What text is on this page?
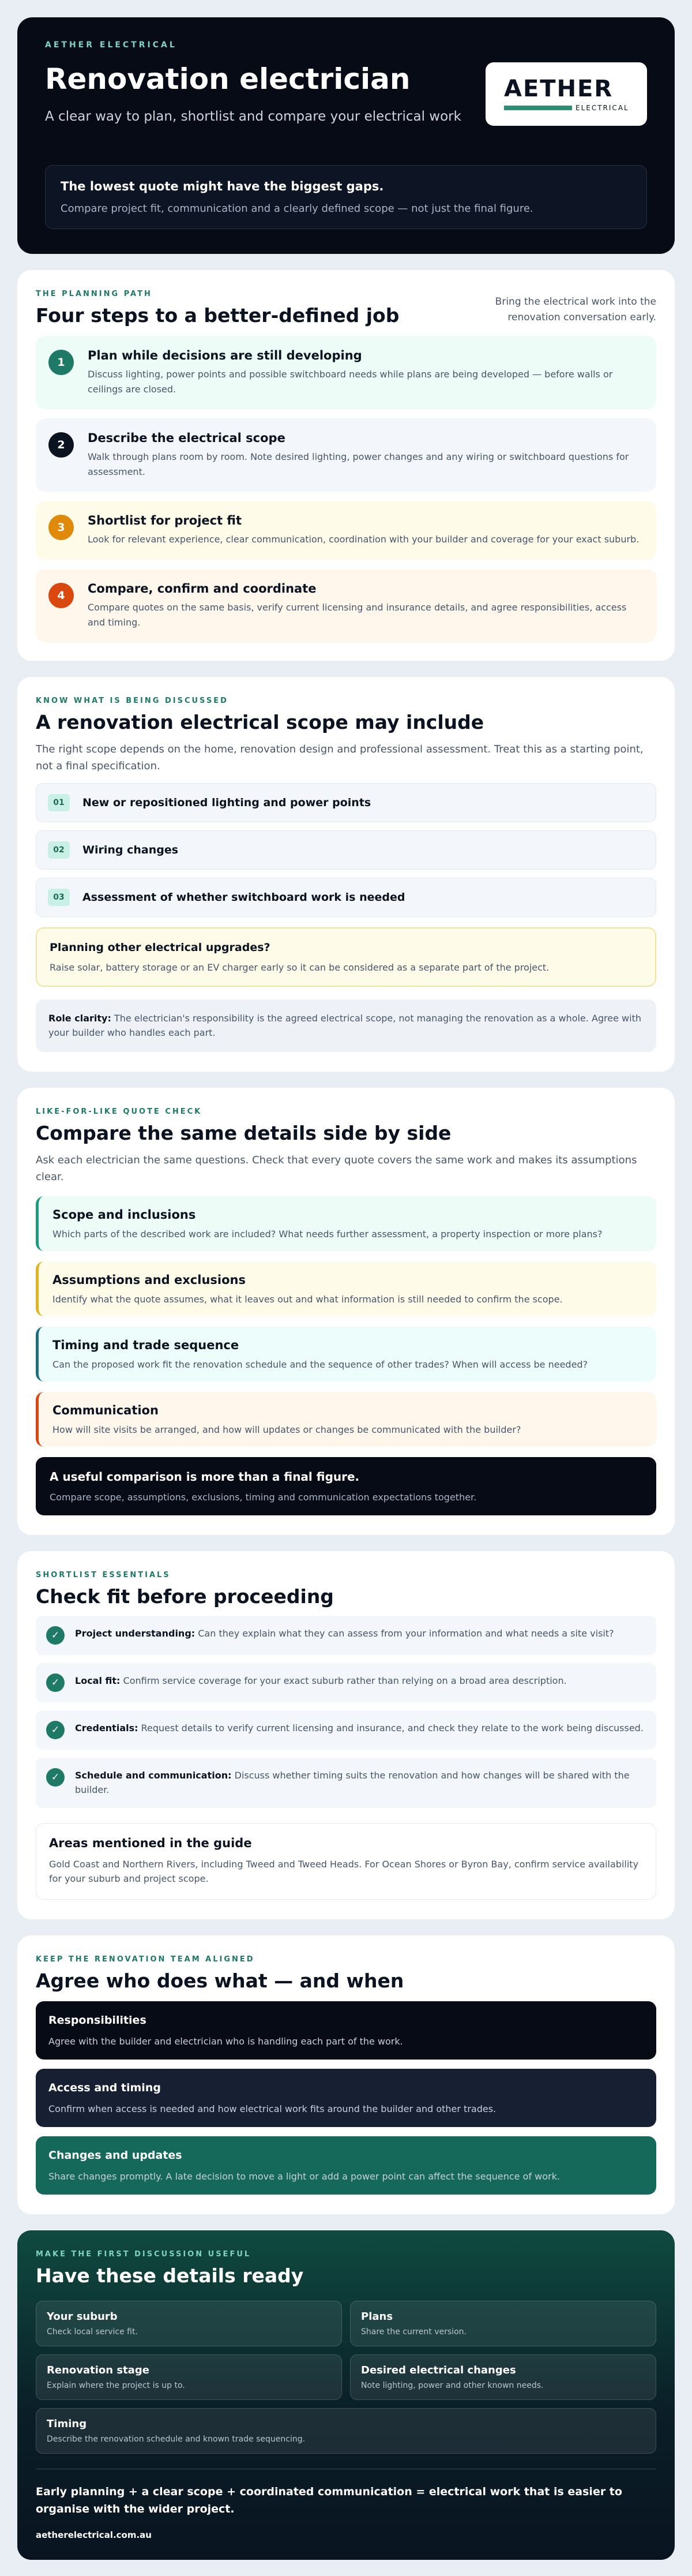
AETHER ELECTRICAL
Renovation electrician

A clear way to plan, shortlist and compare your electrical work

AETHER
ELECTRICAL
The lowest quote might have the biggest gaps.
Compare project fit, communication and a clearly defined scope — not just the final figure.
THE PLANNING PATH
Four steps to a better-defined job
Bring the electrical work into the renovation conversation early.
1	Plan while decisions are still developing
Discuss lighting, power points and possible switchboard needs while plans are being developed — before walls or ceilings are closed.
2	Describe the electrical scope
Walk through plans room by room. Note desired lighting, power changes and any wiring or switchboard questions for assessment.
3	Shortlist for project fit
Look for relevant experience, clear communication, coordination with your builder and coverage for your exact suburb.
4	Compare, confirm and coordinate
Compare quotes on the same basis, verify current licensing and insurance details, and agree responsibilities, access and timing.
KNOW WHAT IS BEING DISCUSSED
A renovation electrical scope may include

The right scope depends on the home, renovation design and professional assessment. Treat this as a starting point, not a final specification.

01	New or repositioned lighting and power points
02	Wiring changes
03	Assessment of whether switchboard work is needed
Planning other electrical upgrades?
Raise solar, battery storage or an EV charger early so it can be considered as a separate part of the project.
Role clarity: The electrician's responsibility is the agreed electrical scope, not managing the renovation as a whole. Agree with your builder who handles each part.
LIKE-FOR-LIKE QUOTE CHECK
Compare the same details side by side

Ask each electrician the same questions. Check that every quote covers the same work and makes its assumptions clear.

Scope and inclusions
Which parts of the described work are included? What needs further assessment, a property inspection or more plans?
Assumptions and exclusions
Identify what the quote assumes, what it leaves out and what information is still needed to confirm the scope.
Timing and trade sequence
Can the proposed work fit the renovation schedule and the sequence of other trades? When will access be needed?
Communication
How will site visits be arranged, and how will updates or changes be communicated with the builder?
A useful comparison is more than a final figure.
Compare scope, assumptions, exclusions, timing and communication expectations together.
SHORTLIST ESSENTIALS
Check fit before proceeding
✓	Project understanding: Can they explain what they can assess from your information and what needs a site visit?
✓	Local fit: Confirm service coverage for your exact suburb rather than relying on a broad area description.
✓	Credentials: Request details to verify current licensing and insurance, and check they relate to the work being discussed.
✓	Schedule and communication: Discuss whether timing suits the renovation and how changes will be shared with the builder.
Areas mentioned in the guide
Gold Coast and Northern Rivers, including Tweed and Tweed Heads. For Ocean Shores or Byron Bay, confirm service availability for your suburb and project scope.
KEEP THE RENOVATION TEAM ALIGNED
Agree who does what — and when
Responsibilities
Agree with the builder and electrician who is handling each part of the work.
Access and timing
Confirm when access is needed and how electrical work fits around the builder and other trades.
Changes and updates
Share changes promptly. A late decision to move a light or add a power point can affect the sequence of work.
MAKE THE FIRST DISCUSSION USEFUL
Have these details ready
Your suburb
Check local service fit.
Plans
Share the current version.
Renovation stage
Explain where the project is up to.
Desired electrical changes
Note lighting, power and other known needs.
Timing
Describe the renovation schedule and known trade sequencing.
Early planning + a clear scope + coordinated communication = electrical work that is easier to organise with the wider project.
aetherelectrical.com.au
